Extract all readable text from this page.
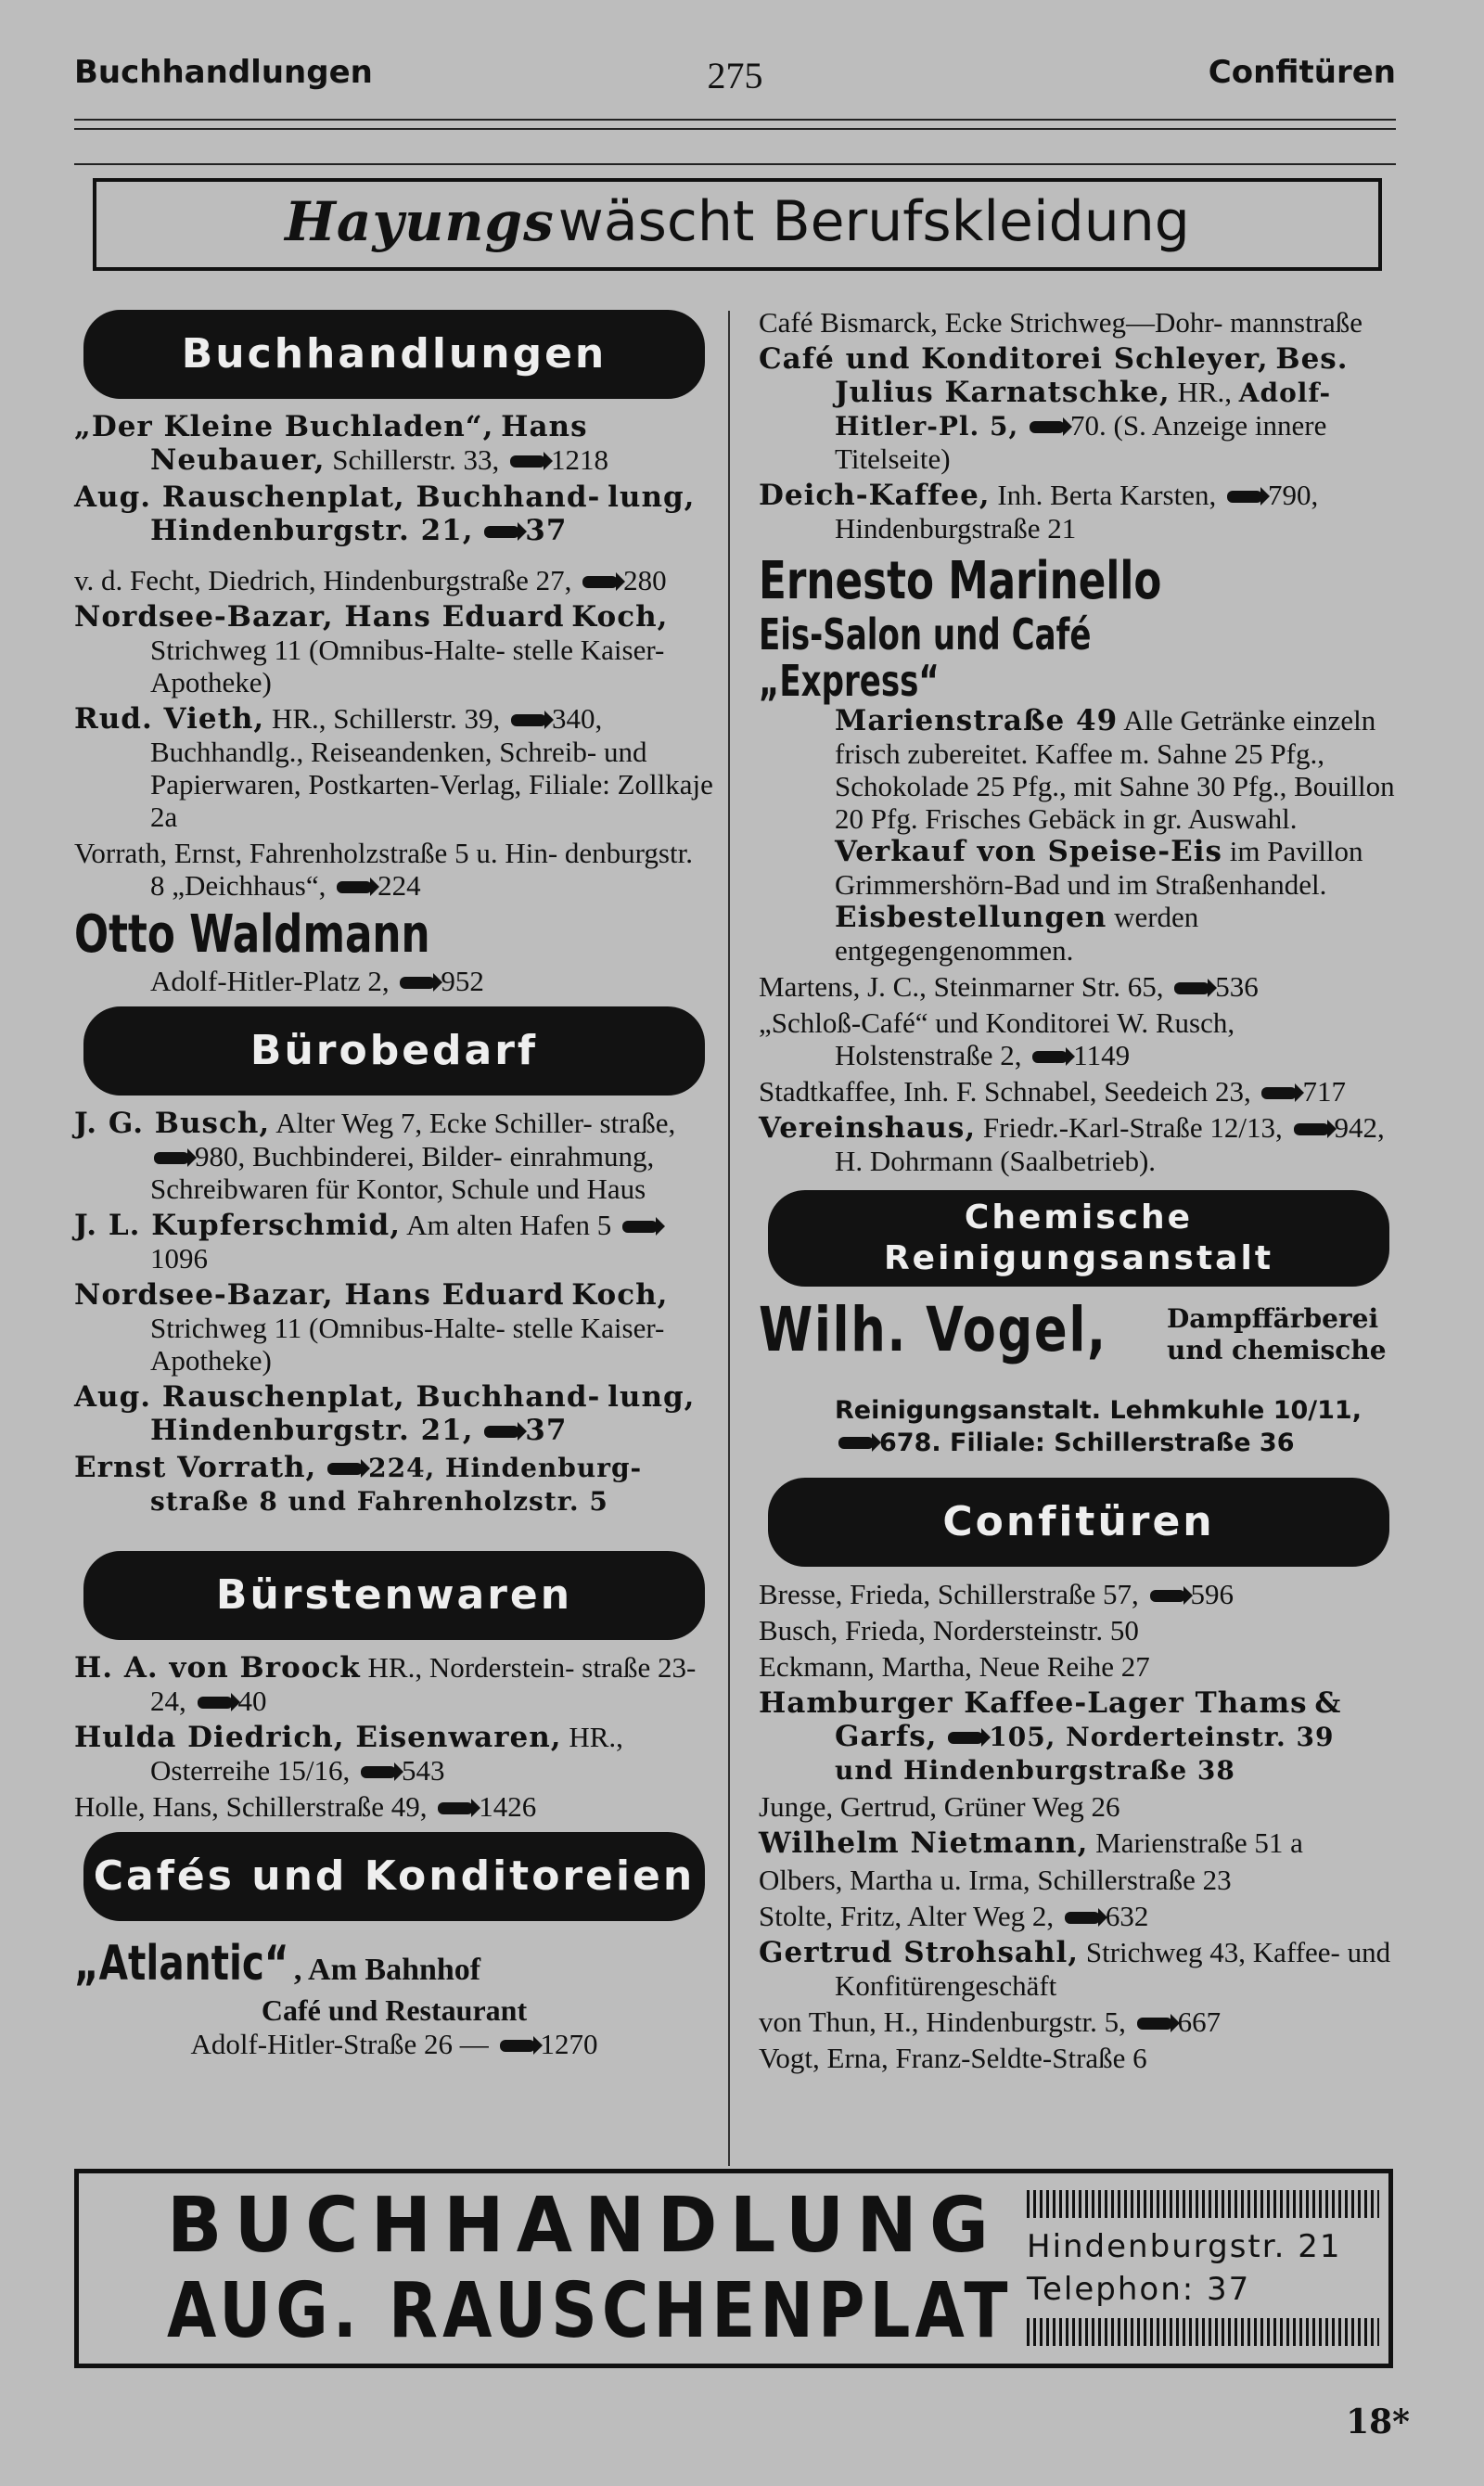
Buchhandlungen	275	Confitüren
Hayungs wäscht Berufskleidung
Buchhandlungen
„Der Kleine Buchladen“, Hans Neubauer, Schillerstr. 33, 1218
Aug. Rauschenplat, Buchhand- lung, Hindenburgstr. 21, 37
v. d. Fecht, Diedrich, Hindenburgstraße 27, 280
Nordsee-Bazar, Hans Eduard Koch, Strichweg 11 (Omnibus-Halte- stelle Kaiser-Apotheke)
Rud. Vieth, HR., Schillerstr. 39, 340, Buchhandlg., Reiseandenken, Schreib- und Papierwaren, Postkarten-Verlag, Filiale: Zollkaje 2a
Vorrath, Ernst, Fahrenholzstraße 5 u. Hin- denburgstr. 8 „Deichhaus“, 224
Otto Waldmann
Adolf-Hitler-Platz 2, 952
Bürobedarf
J. G. Busch, Alter Weg 7, Ecke Schiller- straße, 980, Buchbinderei, Bilder- einrahmung, Schreibwaren für Kontor, Schule und Haus
J. L. Kupferschmid, Am alten Hafen 5 1096
Nordsee-Bazar, Hans Eduard Koch, Strichweg 11 (Omnibus-Halte- stelle Kaiser-Apotheke)
Aug. Rauschenplat, Buchhand- lung, Hindenburgstr. 21, 37
Ernst Vorrath, 224, Hindenburg- straße 8 und Fahrenholzstr. 5
Bürstenwaren
H. A. von Broock HR., Norderstein- straße 23-24, 40
Hulda Diedrich, Eisenwaren, HR., Osterreihe 15/16, 543
Holle, Hans, Schillerstraße 49, 1426
Cafés und Konditoreien
„Atlantic“ , Am Bahnhof
Café und Restaurant
Adolf-Hitler-Straße 26 — 1270
Café Bismarck, Ecke Strichweg—Dohr- mannstraße
Café und Konditorei Schleyer, Bes. Julius Karnatschke, HR., Adolf-Hitler-Pl. 5, 70. (S. Anzeige innere Titelseite)
Deich-Kaffee, Inh. Berta Karsten, 790, Hindenburgstraße 21
Ernesto Marinello Eis-Salon und Café „Express“
Marienstraße 49 Alle Getränke einzeln frisch zubereitet. Kaffee m. Sahne 25 Pfg., Schokolade 25 Pfg., mit Sahne 30 Pfg., Bouillon 20 Pfg. Frisches Gebäck in gr. Auswahl. Verkauf von Speise-Eis im Pavillon Grimmershörn-Bad und im Straßenhandel. Eisbestellungen werden entgegengenommen.
Martens, J. C., Steinmarner Str. 65, 536
„Schloß-Café“ und Konditorei W. Rusch, Holstenstraße 2, 1149
Stadtkaffee, Inh. F. Schnabel, Seedeich 23, 717
Vereinshaus, Friedr.-Karl-Straße 12/13, 942, H. Dohrmann (Saalbetrieb).
Chemische
Reinigungsanstalt
Wilh. Vogel, Dampffärberei
und chemische
Reinigungsanstalt. Lehmkuhle 10/11,
678. Filiale: Schillerstraße 36
Confitüren
Bresse, Frieda, Schillerstraße 57, 596
Busch, Frieda, Nordersteinstr. 50
Eckmann, Martha, Neue Reihe 27
Hamburger Kaffee-Lager Thams & Garfs, 105, Norderteinstr. 39 und Hindenburgstraße 38
Junge, Gertrud, Grüner Weg 26
Wilhelm Nietmann, Marienstraße 51 a
Olbers, Martha u. Irma, Schillerstraße 23
Stolte, Fritz, Alter Weg 2, 632
Gertrud Strohsahl, Strichweg 43, Kaffee- und Konfitürengeschäft
von Thun, H., Hindenburgstr. 5, 667
Vogt, Erna, Franz-Seldte-Straße 6
BUCHHANDLUNG
AUG. RAUSCHENPLAT
Hindenburgstr. 21
Telephon: 37
18*
